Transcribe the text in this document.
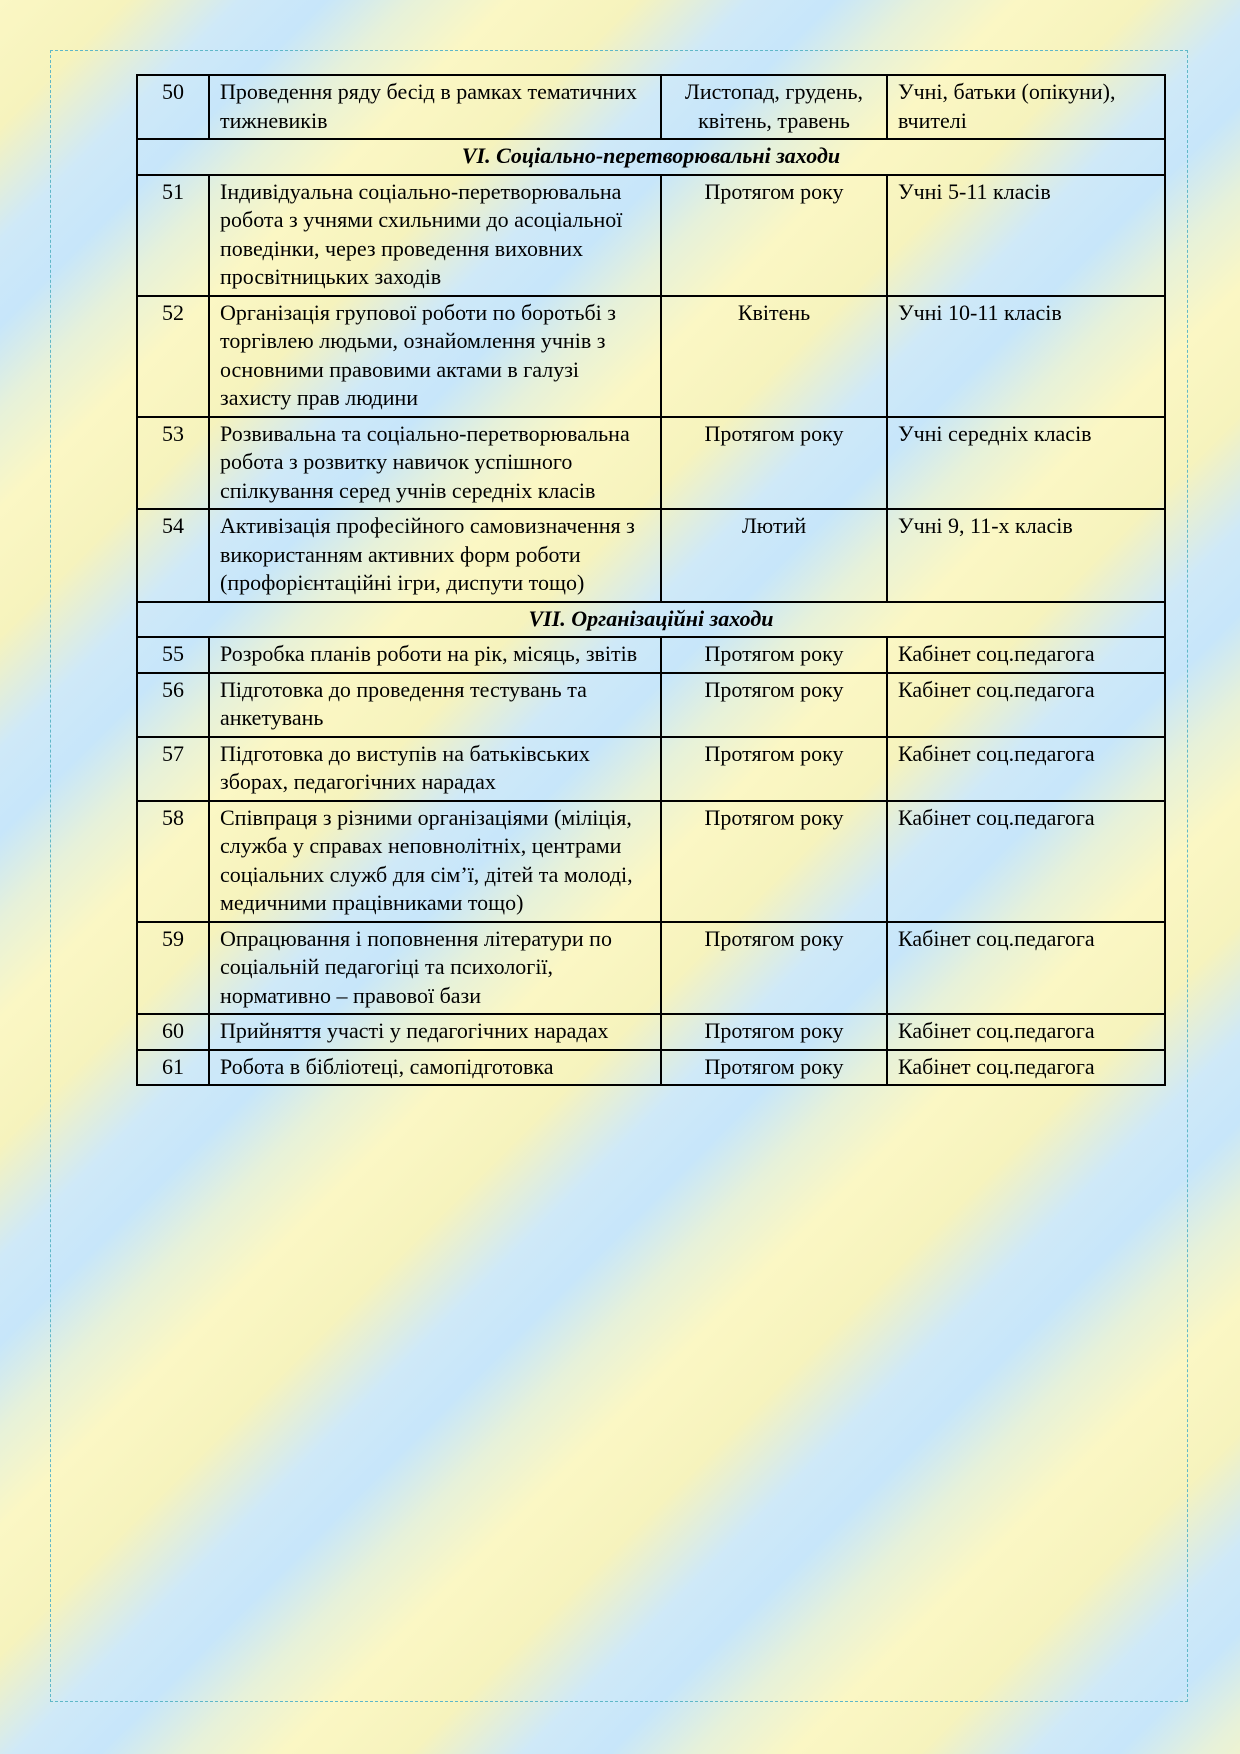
50	Проведення ряду бесід в рамках тематичних тижневиків	Листопад, грудень, квітень, травень	Учні, батьки (опікуни), вчителі
VI. Соціально-перетворювальні заходи			
51	Індивідуальна соціально-перетворювальна робота з учнями схильними до асоціальної поведінки, через проведення виховних просвітницьких заходів	Протягом року	Учні 5-11 класів
52	Організація групової роботи по боротьбі з торгівлею людьми, ознайомлення учнів з основними правовими актами в галузі захисту прав людини	Квітень	Учні 10-11 класів
53	Розвивальна та соціально-перетворювальна робота з розвитку навичок успішного спілкування серед учнів середніх класів	Протягом року	Учні середніх класів
54	Активізація професійного самовизначення з використанням активних форм роботи (профорієнтаційні ігри, диспути тощо)	Лютий	Учні 9, 11-х класів
VII. Організаційні заходи			
55	Розробка планів роботи на рік, місяць, звітів	Протягом року	Кабінет соц.педагога
56	Підготовка до проведення тестувань та анкетувань	Протягом року	Кабінет соц.педагога
57	Підготовка до виступів на батьківських зборах, педагогічних нарадах	Протягом року	Кабінет соц.педагога
58	Співпраця з різними організаціями (міліція, служба у справах неповнолітніх, центрами соціальних служб для сім’ї, дітей та молоді, медичними працівниками тощо)	Протягом року	Кабінет соц.педагога
59	Опрацювання і поповнення літератури по соціальній педагогіці та психології, нормативно – правової бази	Протягом року	Кабінет соц.педагога
60	Прийняття участі у педагогічних нарадах	Протягом року	Кабінет соц.педагога
61	Робота в бібліотеці, самопідготовка	Протягом року	Кабінет соц.педагога
